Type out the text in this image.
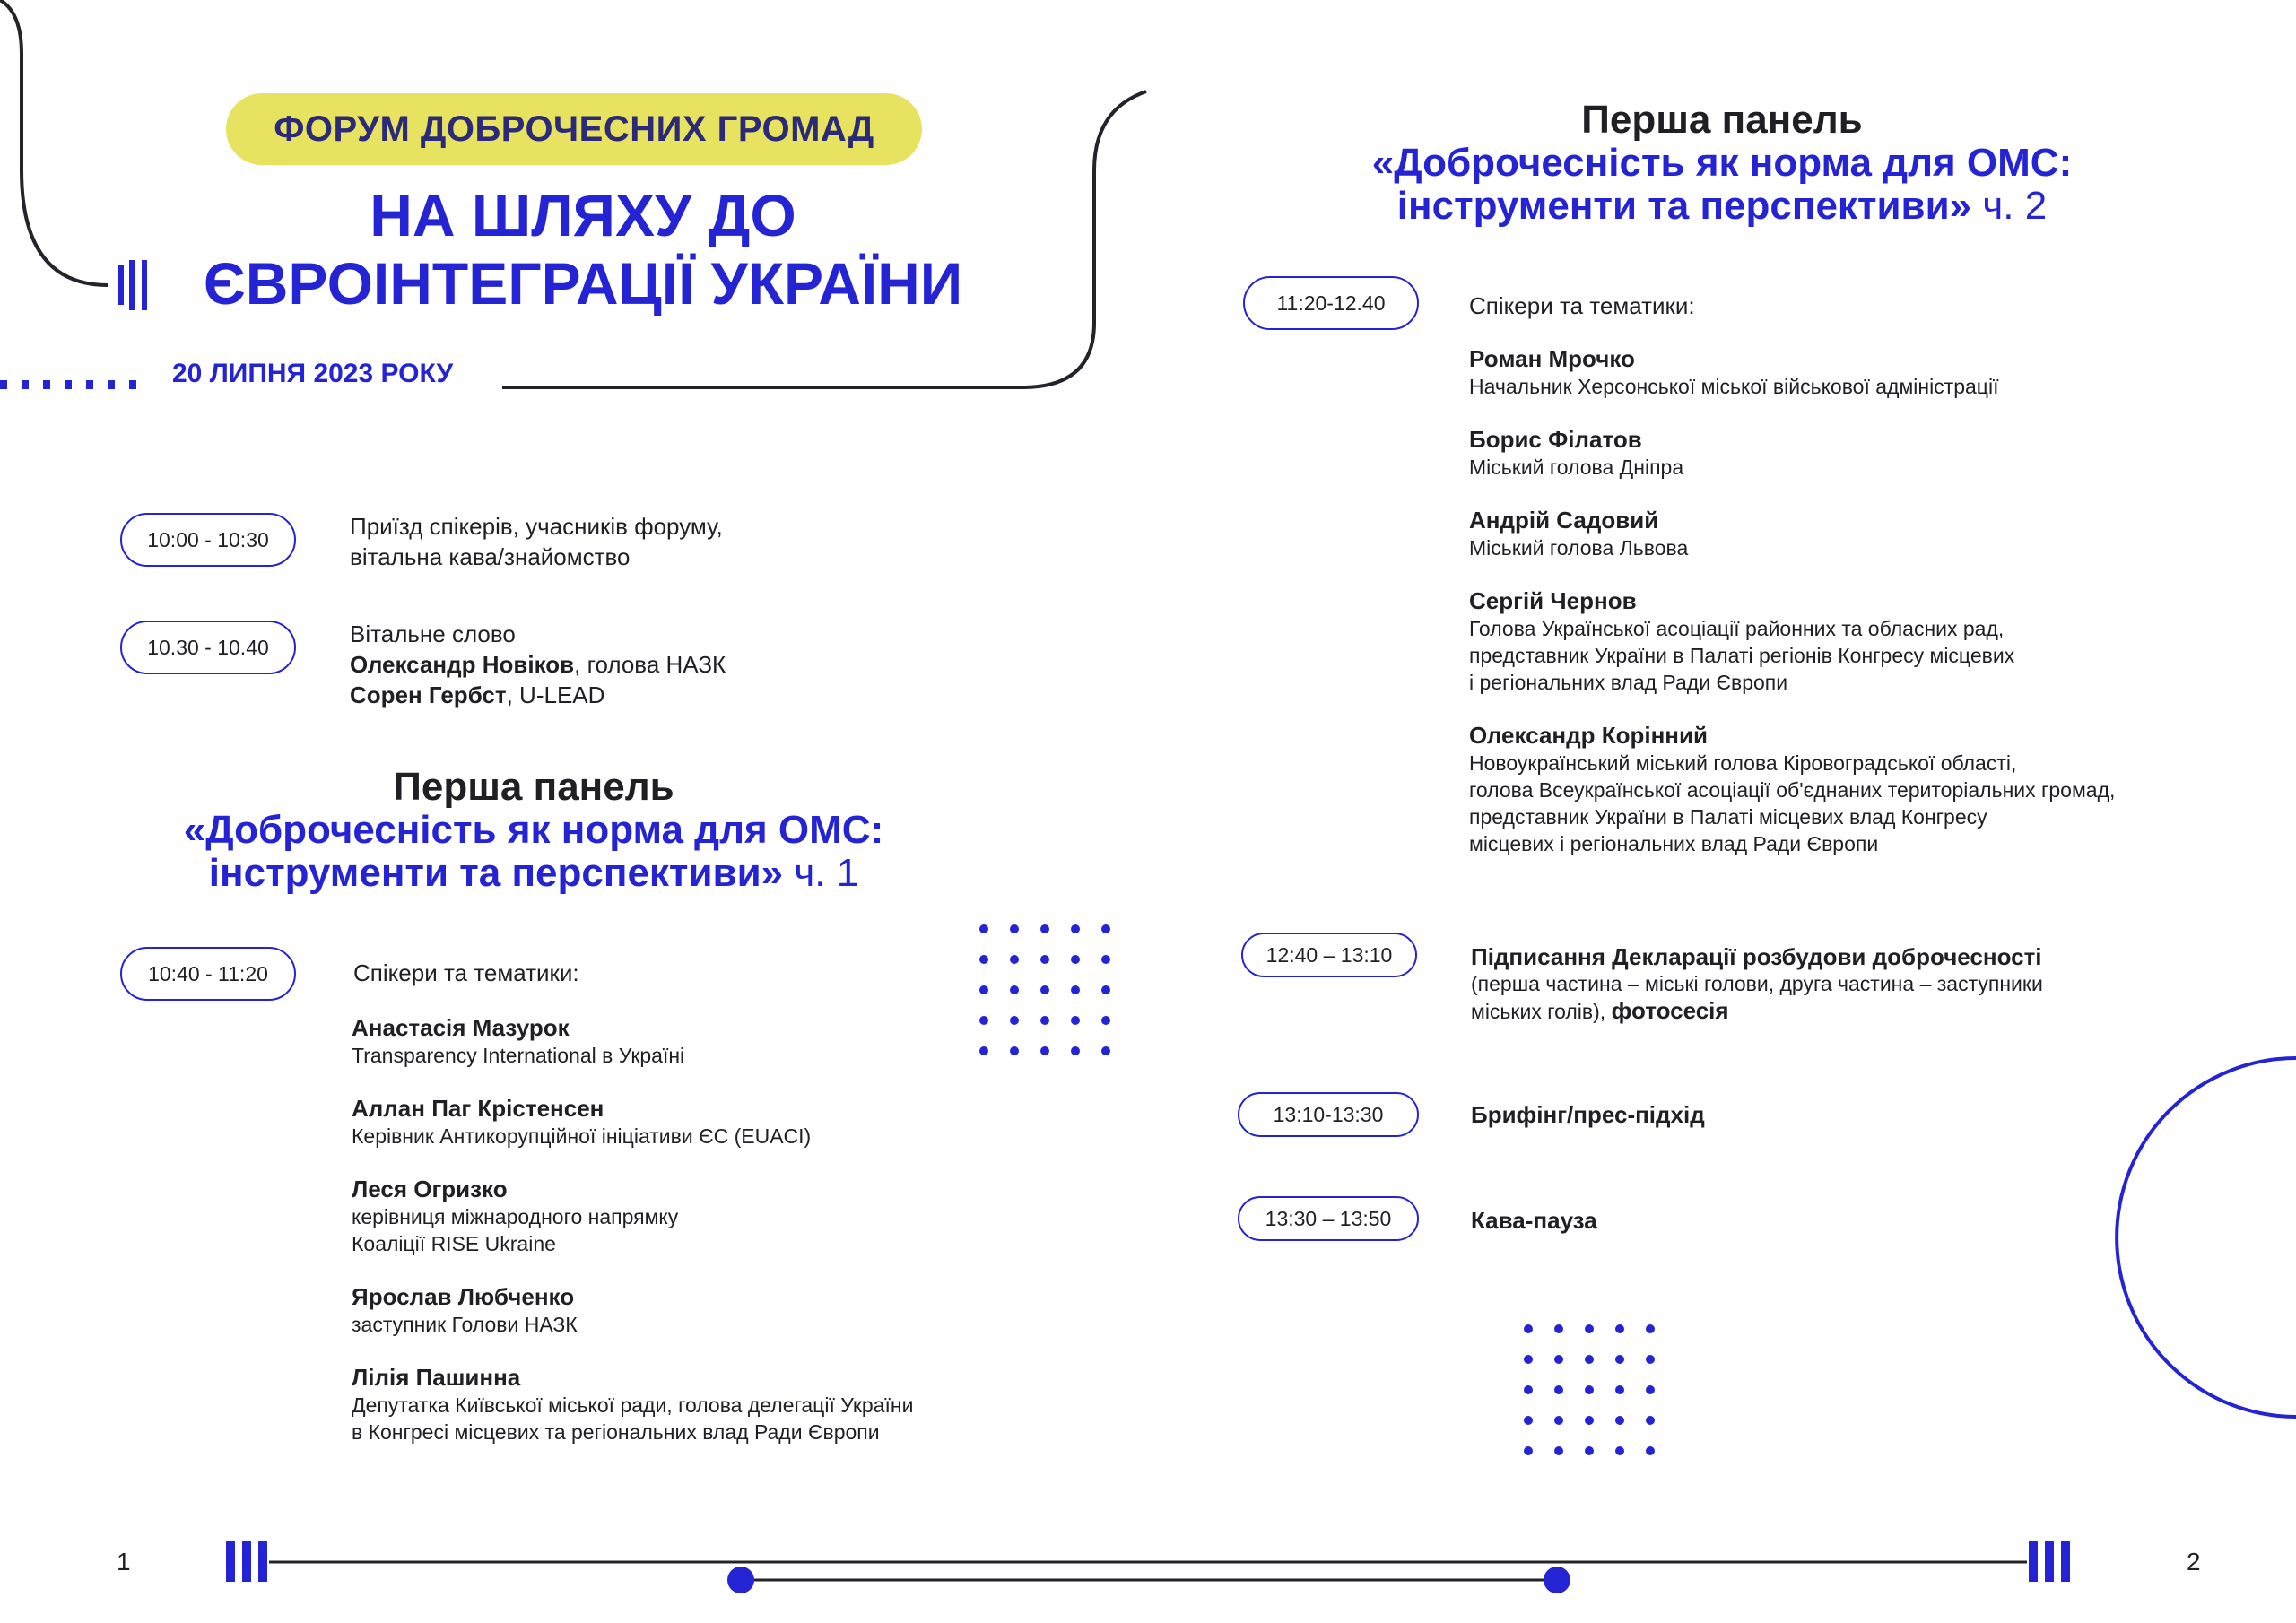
ФОРУМ ДОБРОЧЕСНИХ ГРОМАД
НА ШЛЯХУ ДО
ЄВРОІНТЕГРАЦІЇ УКРАЇНИ
20 ЛИПНЯ 2023 РОКУ
10:00 - 10:30	Приїзд спікерів, учасників форуму,
вітальна кава/знайомство
10.30 - 10.40	Вітальне слово
Олександр Новіков, голова НАЗК
Сорен Гербст, U-LEAD
Перша панель
«Доброчесність як норма для ОМС:
інструменти та перспективи» ч. 1
10:40 - 11:20	Спікери та тематики:
Анастасія Мазурок
Transparency International в Україні
Аллан Паг Крістенсен
Керівник Антикорупційної ініціативи ЄС (EUACI)
Леся Огризко
керівниця міжнародного напрямку
Коаліції RISE Ukraine
Ярослав Любченко
заступник Голови НАЗК
Лілія Пашинна
Депутатка Київської міської ради, голова делегації України
в Конгресі місцевих та регіональних влад Ради Європи
Перша панель
«Доброчесність як норма для ОМС:
інструменти та перспективи» ч. 2
11:20-12.40	Спікери та тематики:
Роман Мрочко
Начальник Херсонської міської військової адміністрації
Борис Філатов
Міський голова Дніпра
Андрій Садовий
Міський голова Львова
Сергій Чернов
Голова Української асоціації районних та обласних рад,
представник України в Палаті регіонів Конгресу місцевих
і регіональних влад Ради Європи
Олександр Корінний
Новоукраїнський міський голова Кіровоградської області,
голова Всеукраїнської асоціації об'єднаних територіальних громад,
представник України в Палаті місцевих влад Конгресу
місцевих і регіональних влад Ради Європи
12:40 – 13:10	Підписання Декларації розбудови доброчесності
(перша частина – міські голови, друга частина – заступники
міських голів), фотосесія
13:10-13:30	Брифінг/прес-підхід
13:30 – 13:50	Кава-пауза
1	2
